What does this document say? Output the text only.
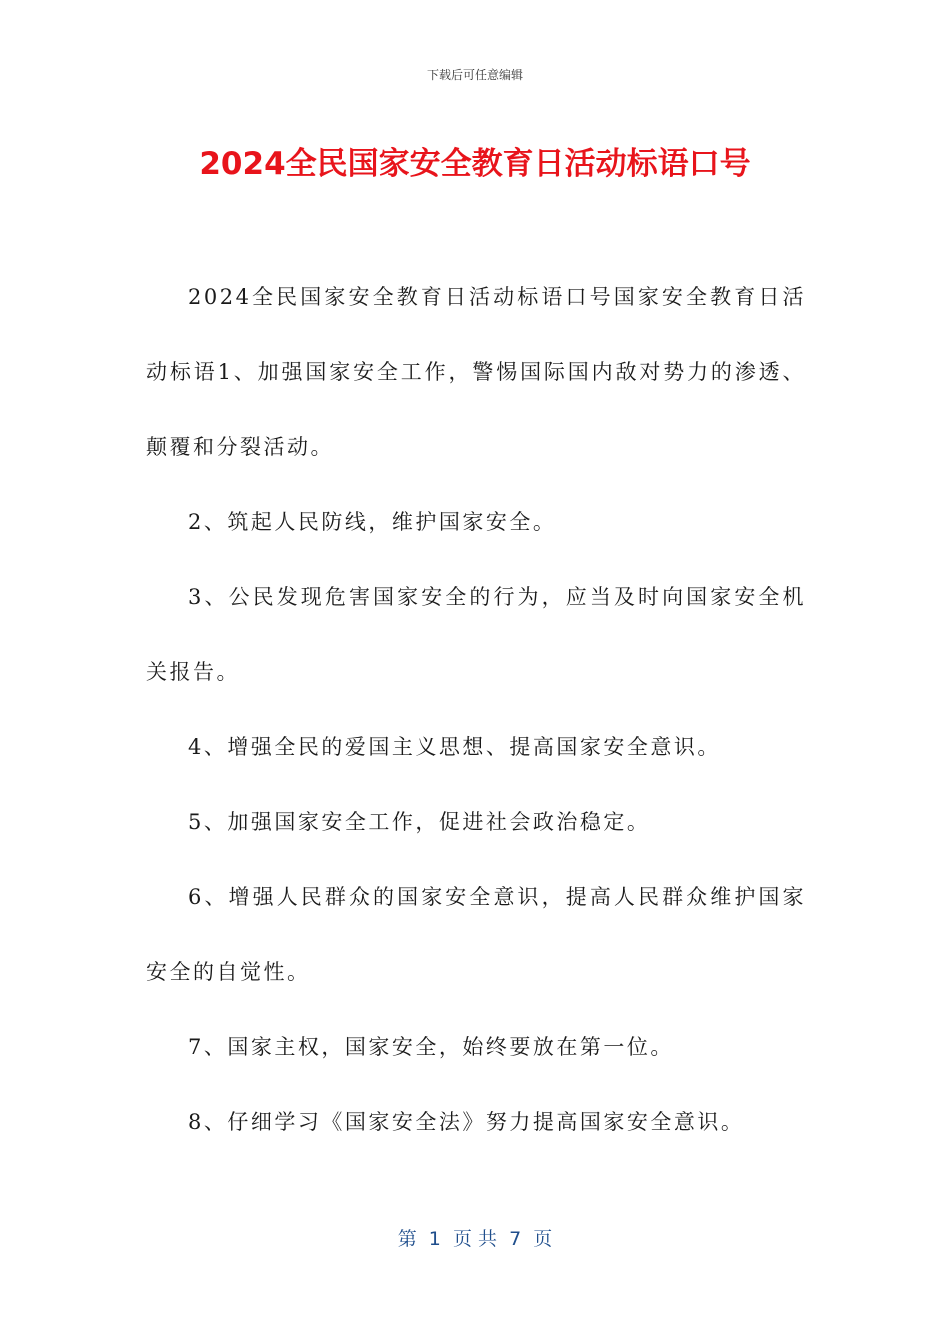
下载后可任意编辑
2024全民国家安全教育日活动标语口号

2024全民国家安全教育日活动标语口号国家安全教育日活动标语1、加强国家安全工作，警惕国际国内敌对势力的渗透、颠覆和分裂活动。

2、筑起人民防线，维护国家安全。

3、公民发现危害国家安全的行为，应当及时向国家安全机关报告。

4、增强全民的爱国主义思想、提高国家安全意识。

5、加强国家安全工作，促进社会政治稳定。

6、增强人民群众的国家安全意识，提高人民群众维护国家安全的自觉性。

7、国家主权，国家安全，始终要放在第一位。

8、仔细学习《国家安全法》努力提高国家安全意识。

第  1  页 共  7  页
